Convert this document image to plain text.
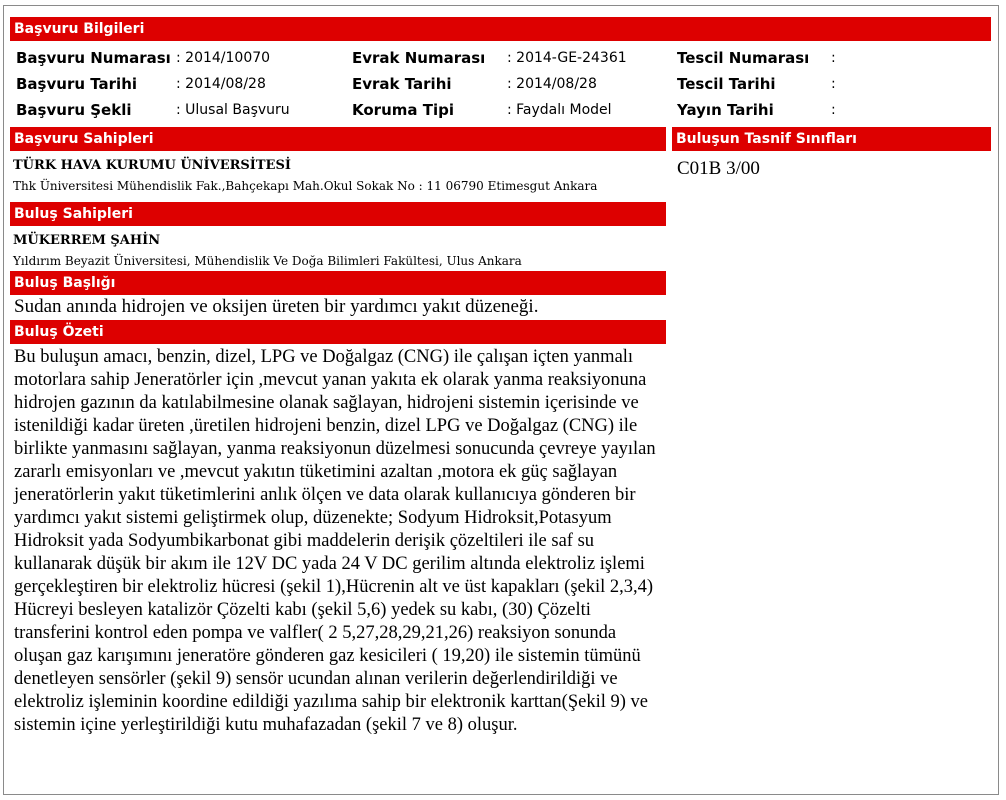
Başvuru Bilgileri
Başvuru Numarası : 2014/10070
Başvuru Tarihi	: 2014/08/28
Başvuru Şekli	: Ulusal Başvuru
Evrak Numarası : 2014-GE-24361
Evrak Tarihi	: 2014/08/28
Koruma Tipi	: Faydalı Model
Tescil Numarası :
Tescil Tarihi	:
Yayın Tarihi	:
Başvuru Sahipleri
TÜRK HAVA KURUMU ÜNİVERSİTESİ
Thk Üniversitesi Mühendislik Fak.,Bahçekapı Mah.Okul Sokak No : 11 06790 Etimesgut Ankara
Buluşun Tasnif Sınıfları
C01B 3/00
Buluş Sahipleri
MÜKERREM ŞAHİN
Yıldırım Beyazit Üniversitesi, Mühendislik Ve Doğa Bilimleri Fakültesi, Ulus Ankara
Buluş Başlığı
Sudan anında hidrojen ve oksijen üreten bir yardımcı yakıt düzeneği.
Buluş Özeti
Bu buluşun amacı, benzin, dizel, LPG ve Doğalgaz (CNG) ile çalışan içten yanmalı motorlara sahip Jeneratörler için ,mevcut yanan yakıta ek olarak yanma reaksiyonuna hidrojen gazının da katılabilmesine olanak sağlayan, hidrojeni sistemin içerisinde ve istenildiği kadar üreten ,üretilen hidrojeni benzin, dizel LPG ve Doğalgaz (CNG) ile birlikte yanmasını sağlayan, yanma reaksiyonun düzelmesi sonucunda çevreye yayılan zararlı emisyonları ve ,mevcut yakıtın tüketimini azaltan ,motora ek güç sağlayan jeneratörlerin yakıt tüketimlerini anlık ölçen ve data olarak kullanıcıya gönderen bir yardımcı yakıt sistemi geliştirmek olup, düzenekte; Sodyum Hidroksit,Potasyum Hidroksit yada Sodyumbikarbonat gibi maddelerin derişik çözeltileri ile saf su kullanarak düşük bir akım ile 12V DC yada 24 V DC gerilim altında elektroliz işlemi gerçekleştiren bir elektroliz hücresi (şekil 1),Hücrenin alt ve üst kapakları (şekil 2,3,4) Hücreyi besleyen katalizör Çözelti kabı (şekil 5,6) yedek su kabı, (30) Çözelti transferini kontrol eden pompa ve valfler( 2 5,27,28,29,21,26) reaksiyon sonunda oluşan gaz karışımını jeneratöre gönderen gaz kesicileri ( 19,20) ile sistemin tümünü denetleyen sensörler (şekil 9) sensör ucundan alınan verilerin değerlendirildiği ve elektroliz işleminin koordine edildiği yazılıma sahip bir elektronik karttan(Şekil 9) ve sistemin içine yerleştirildiği kutu muhafazadan (şekil 7 ve 8) oluşur.
